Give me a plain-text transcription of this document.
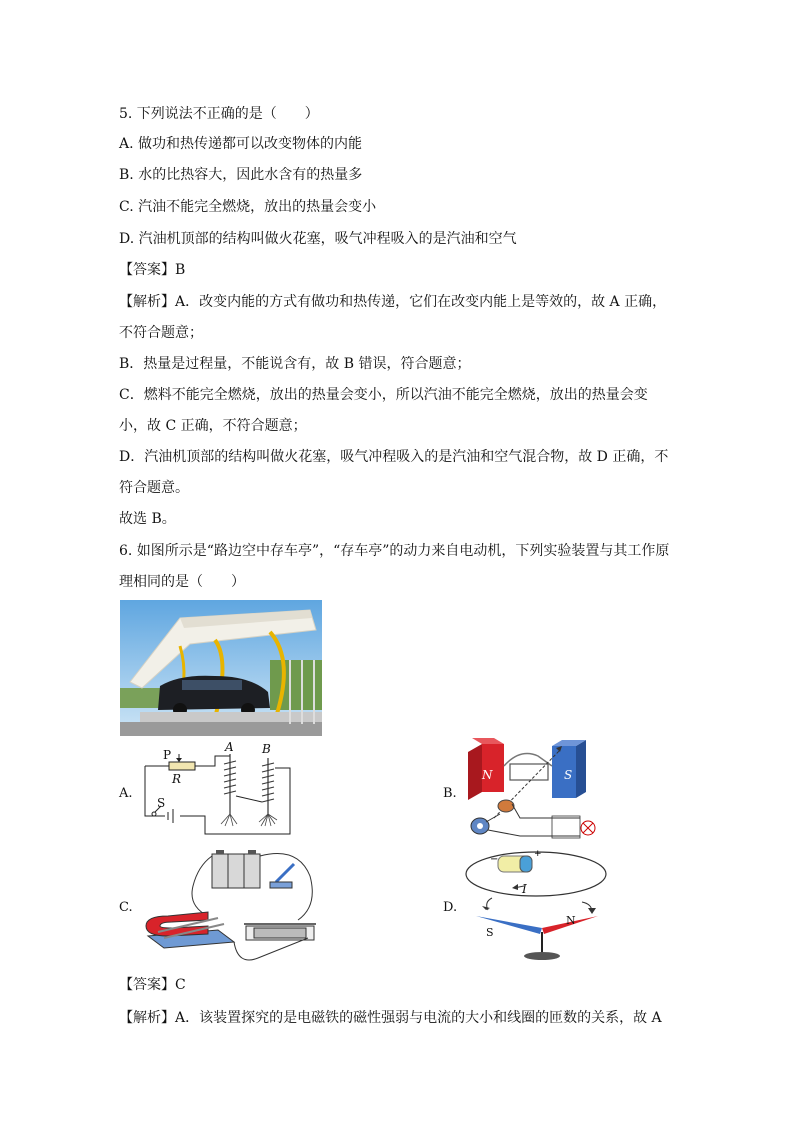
5. 下列说法不正确的是（　　）
A. 做功和热传递都可以改变物体的内能
B. 水的比热容大，因此水含有的热量多
C. 汽油不能完全燃烧，放出的热量会变小
D. 汽油机顶部的结构叫做火花塞，吸气冲程吸入的是汽油和空气
【答案】B
【解析】A．改变内能的方式有做功和热传递，它们在改变内能上是等效的，故 A 正确，
不符合题意；
B．热量是过程量，不能说含有，故 B 错误，符合题意；
C．燃料不能完全燃烧，放出的热量会变小，所以汽油不能完全燃烧，放出的热量会变
小，故 C 正确，不符合题意；
D．汽油机顶部的结构叫做火花塞，吸气冲程吸入的是汽油和空气混合物，故 D 正确，不
符合题意。
故选 B。
6. 如图所示是“路边空中存车亭”，“存车亭”的动力来自电动机，下列实验装置与其工作原
理相同的是（　　）
A.
P
R
S
A B
B.
N	S
C.	D.
−	+
I
S
N
【答案】C
【解析】A．该装置探究的是电磁铁的磁性强弱与电流的大小和线圈的匝数的关系，故 A
